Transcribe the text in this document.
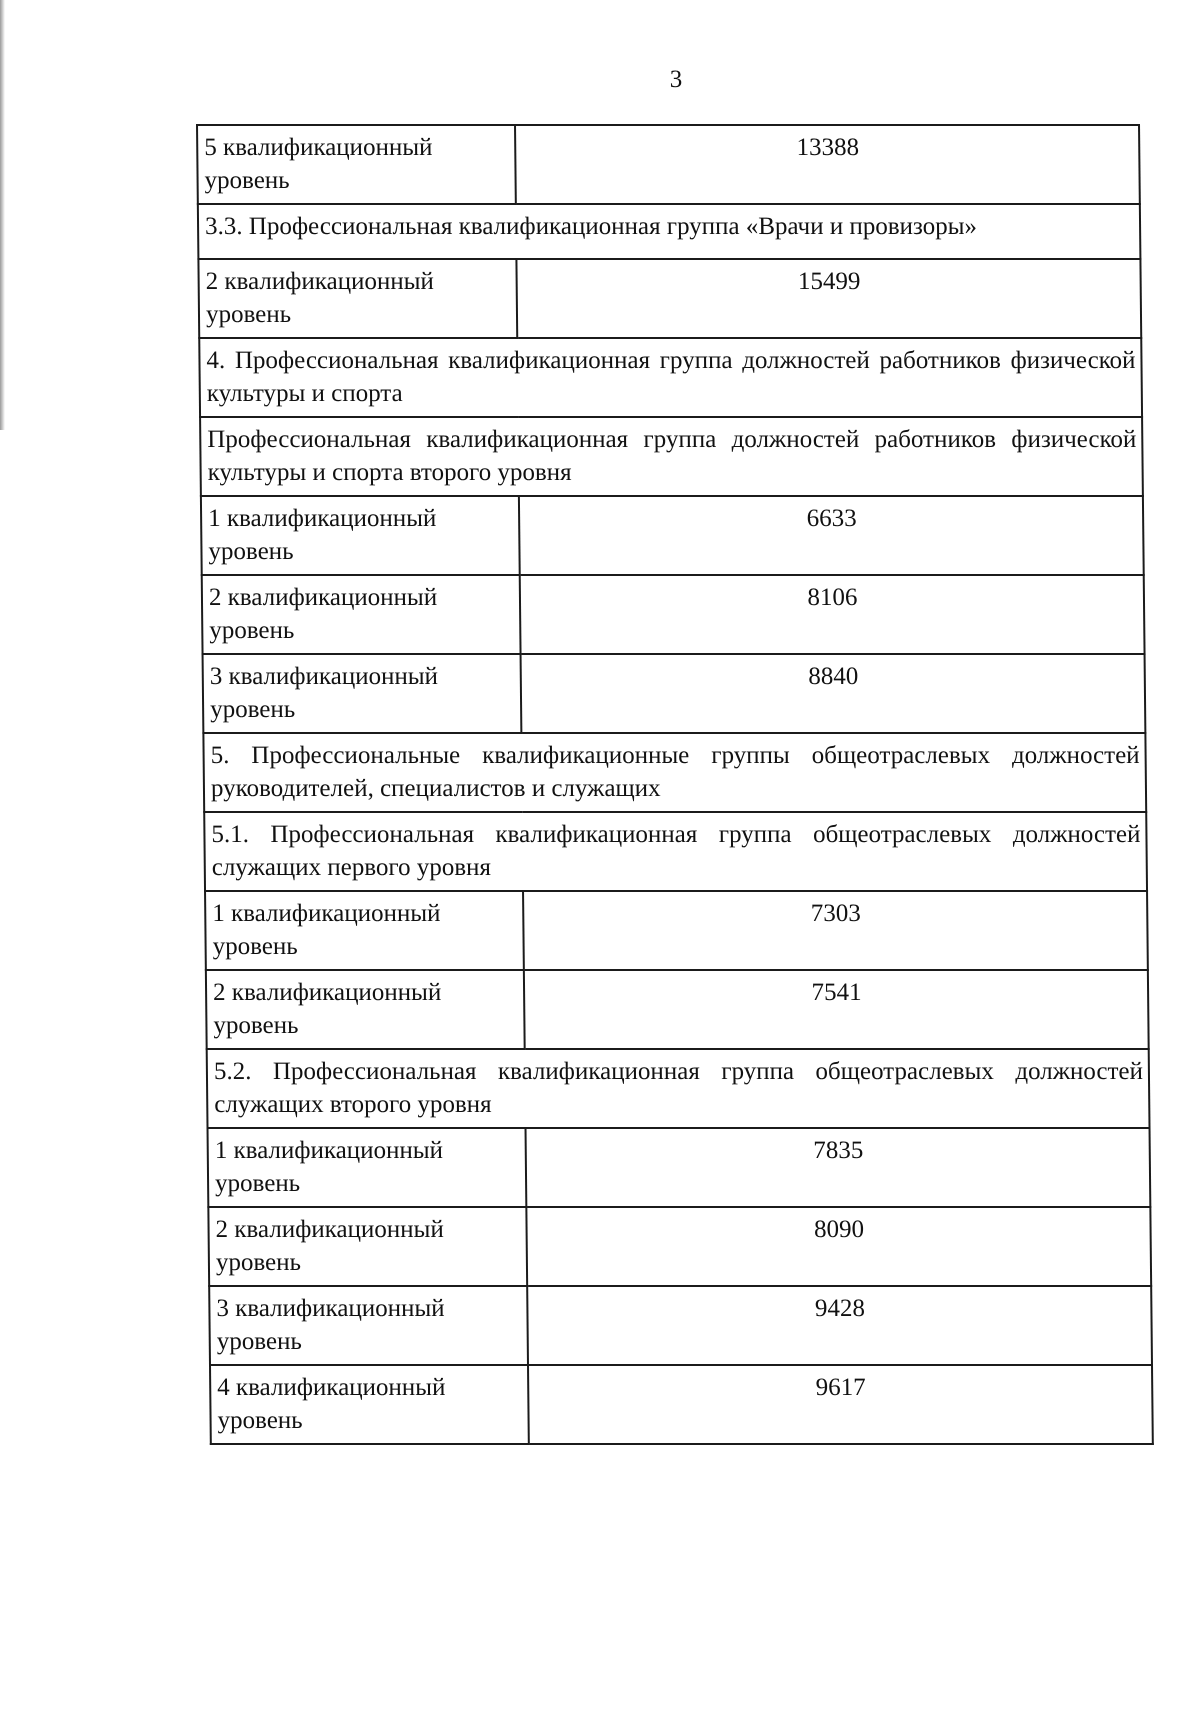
3
5 квалификационный уровень	13388
3.3. Профессиональная квалификационная группа «Врачи и провизоры»	
2 квалификационный уровень	15499
4. Профессиональная квалификационная группа должностей работников физической культуры и спорта	
Профессиональная квалификационная группа должностей работников физической культуры и спорта второго уровня	
1 квалификационный уровень	6633
2 квалификационный уровень	8106
3 квалификационный уровень	8840
5. Профессиональные квалификационные группы общеотраслевых должностей руководителей, специалистов и служащих	
5.1. Профессиональная квалификационная группа общеотраслевых должностей служащих первого уровня	
1 квалификационный уровень	7303
2 квалификационный уровень	7541
5.2. Профессиональная квалификационная группа общеотраслевых должностей служащих второго уровня	
1 квалификационный уровень	7835
2 квалификационный уровень	8090
3 квалификационный уровень	9428
4 квалификационный уровень	9617
